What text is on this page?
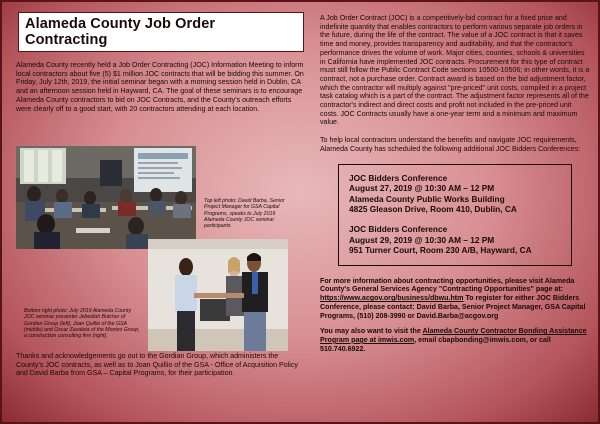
Alameda County Job Order Contracting

Alameda County recently held a Job Order Contracting (JOC) Information Meeting to inform local contractors about five (5) $1 million JOC contracts that will be bidding this summer. On Friday, July 12th, 2019, the initial seminar began with a morning session held in Dublin, CA and an afternoon session held in Hayward, CA. The goal of these seminars is to encourage Alameda County contractors to bid on JOC Contracts, and the County's outreach efforts were clearly off to a good start, with 20 contractors attending at each location.

Top left photo: David Barba, Senior Project Manager for GSA Capital Programs, speaks to July 2019 Alameda County JOC seminar participants.
Bottom right photo: July 2019 Alameda County JOC seminar presenter Jebediah Butcher of Gordian Group (left), Joan Quillio of the GSA (middle) and Oscar Zavaleta of the Montes Group, a construction consulting firm (right).

Thanks and acknowledgements go out to the Gordian Group, which administers the County's JOC contracts, as well as to Joan Quillio of the GSA - Office of Acquisition Policy and David Barba from GSA – Capital Programs, for their participation.

A Job Order Contract (JOC) is a competitively-bid contract for a fixed price and indefinite quantity that enables contractors to perform various separate job orders in the future, during the life of the contract. The value of a JOC contract is that it saves time and money, provides transparency and auditability, and that the contractor's performance drives the volume of work. Major cities, counties, schools & universities in California have implemented JOC contracts. Procurement for this type of contract must still follow the Public Contract Code sections 10500-10506; in other words, it is a contract, not a purchase order. Contract award is based on the bid adjustment factor, which the contractor will multiply against "pre-priced" unit costs, compiled in a project task catalog which is a part of the contract. The adjustment factor represents all of the contractor's indirect and direct costs and profit not included in the pre-priced unit costs. JOC Contracts usually have a one-year term and a minimum and maximum value.

To help local contractors understand the benefits and navigate JOC requirements, Alameda County has scheduled the following additional JOC Bidders Conferences:

JOC Bidders Conference
August 27, 2019 @ 10:30 AM – 12 PM
Alameda County Public Works Building
4825 Gleason Drive, Room 410, Dublin, CA
JOC Bidders Conference
August 29, 2019 @ 10:30 AM – 12 PM
951 Turner Court, Room 230 A/B, Hayward, CA

For more information about contracting opportunities, please visit Alameda County's General Services Agency "Contracting Opportunities" page at: https://www.acgov.org/business/dbwu.htm To register for either JOC Bidders Conference, please contact: David Barba, Senior Project Manager, GSA Capital Programs, (510) 208-3990 or David.Barba@acgov.org

You may also want to visit the Alameda County Contractor Bonding Assistance Program page at imwis.com, email cbapbonding@imwis.com, or call 510.740.6922.
